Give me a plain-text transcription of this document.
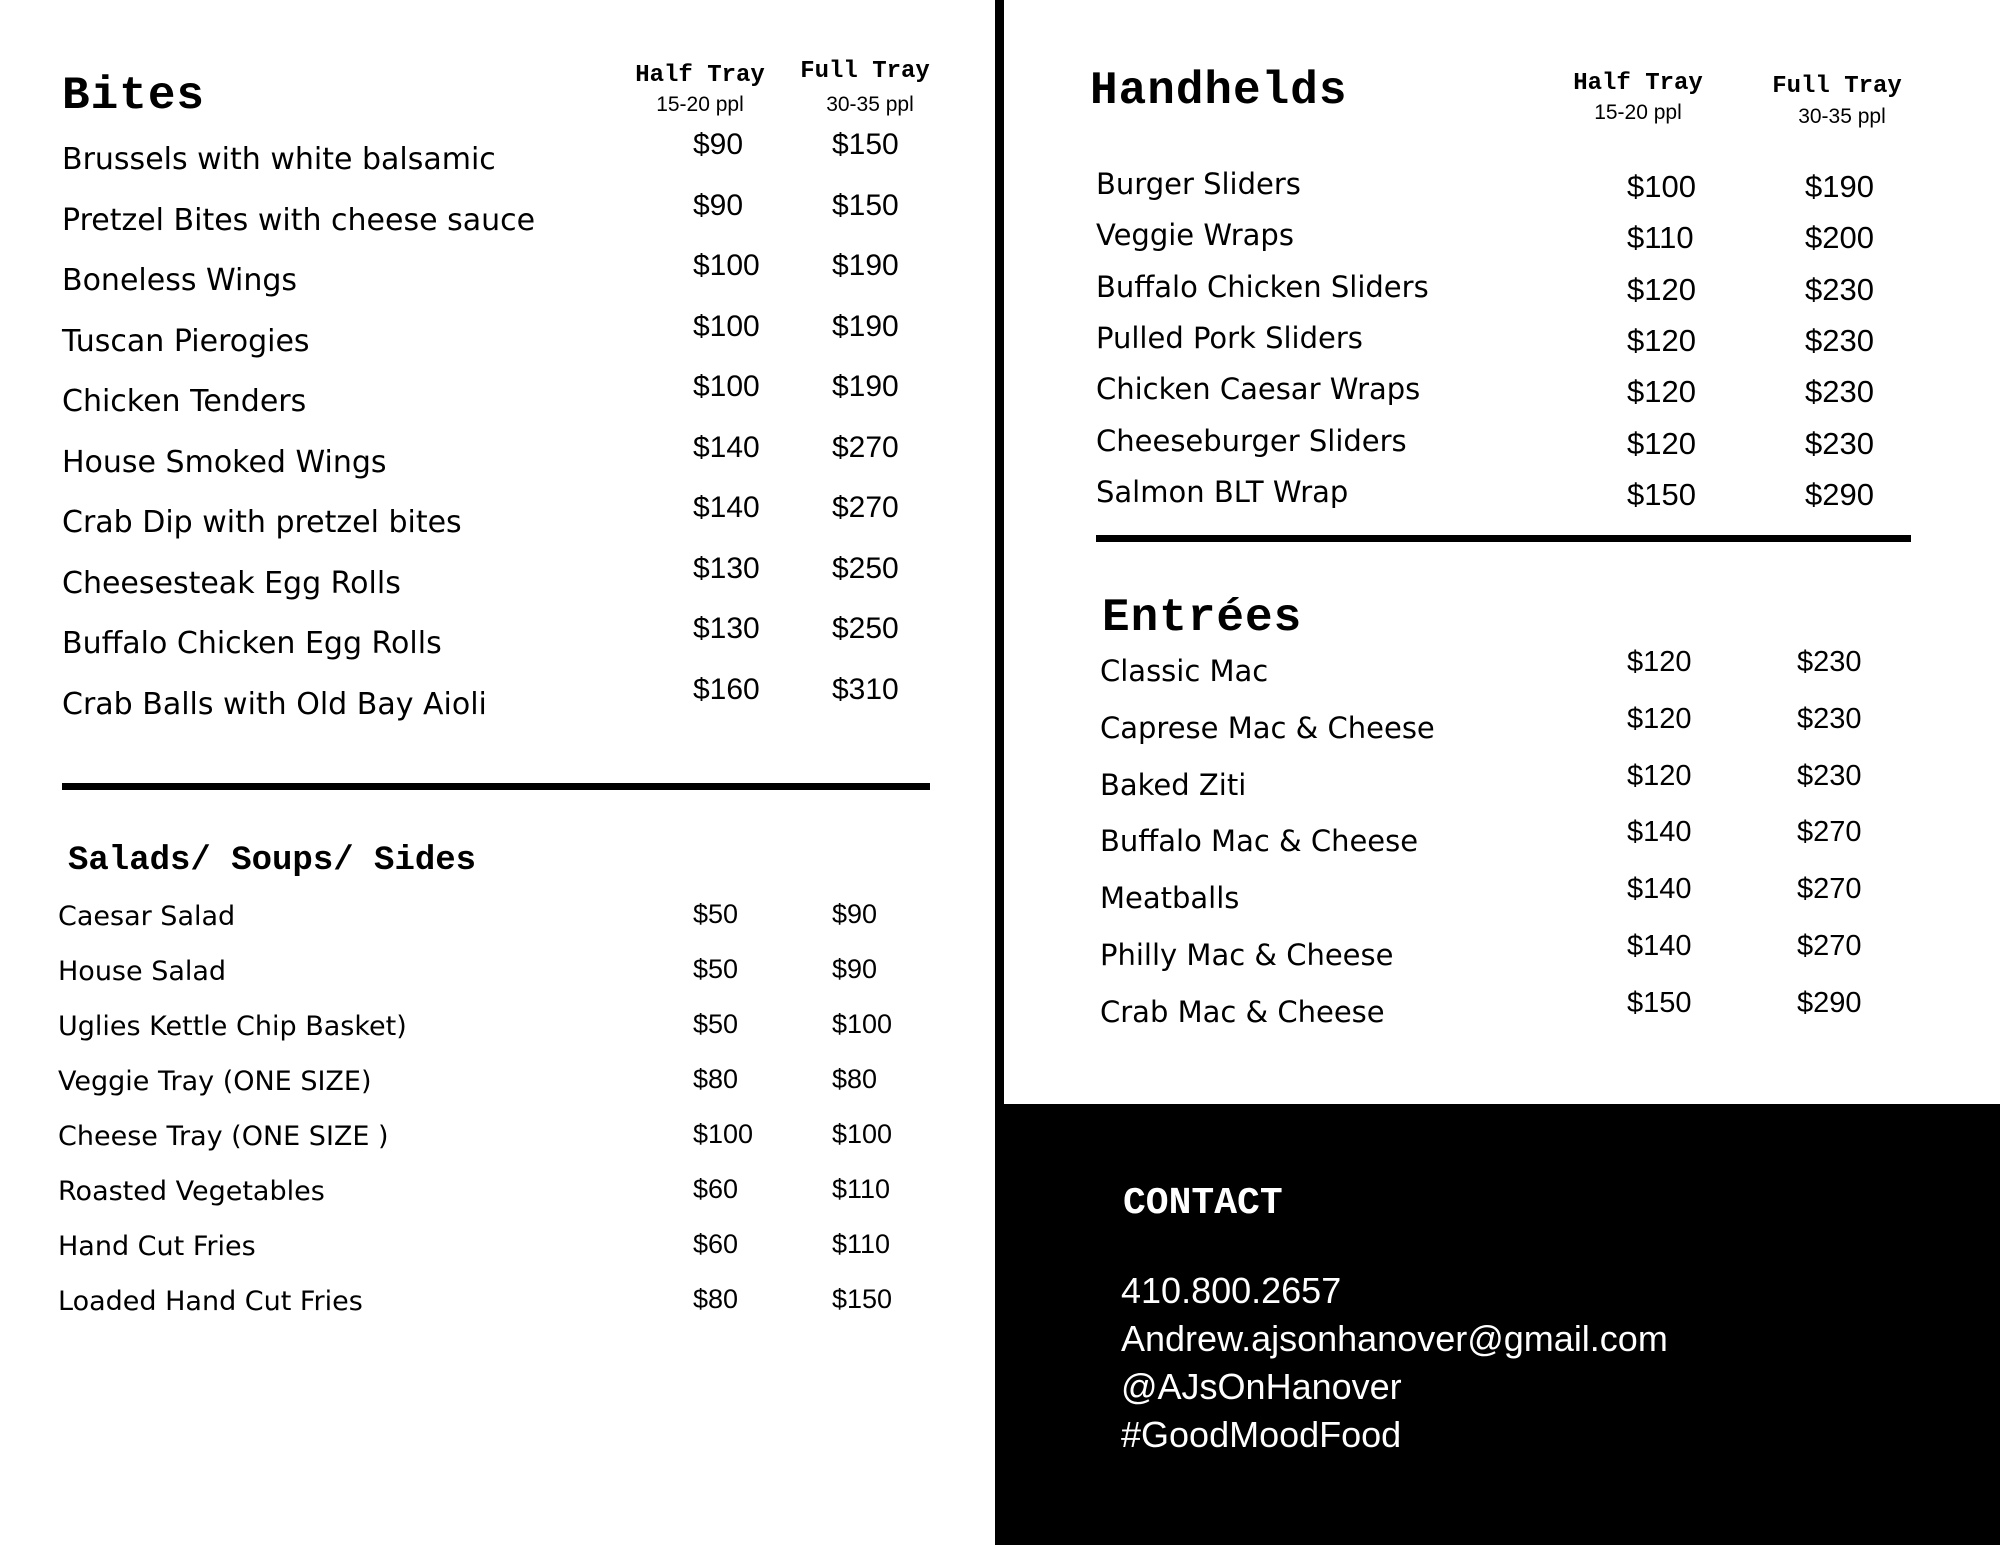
CONTACT
410.800.2657
Andrew.ajsonhanover@gmail.com
@AJsOnHanover
#GoodMoodFood
Bites	Half Tray
15-20 ppl
Full Tray
30-35 ppl
Brussels with white balsamic	$90	$150
Pretzel Bites with cheese sauce	$90	$150
Boneless Wings	$100 $190
Tuscan Pierogies	$100 $190
Chicken Tenders	$100 $190
House Smoked Wings	$140 $270
Crab Dip with pretzel bites	$140 $270
Cheesesteak Egg Rolls	$130 $250
Buffalo Chicken Egg Rolls	$130 $250
Crab Balls with Old Bay Aioli	$160 $310
Salads/ Soups/ Sides
Caesar Salad	$50	$90
House Salad	$50	$90
Uglies Kettle Chip Basket)	$50	$100
Veggie Tray (ONE SIZE)	$80	$80
Cheese Tray (ONE SIZE )	$100	$100
Roasted Vegetables	$60	$110
Hand Cut Fries	$60	$110
Loaded Hand Cut Fries	$80	$150
Handhelds	Half Tray
15-20 ppl
Full Tray
30-35 ppl
Burger Sliders	$100	$190
Veggie Wraps	$110	$200
Buffalo Chicken Sliders	$120	$230
Pulled Pork Sliders	$120	$230
Chicken Caesar Wraps	$120	$230
Cheeseburger Sliders	$120	$230
Salmon BLT Wrap	$150	$290
Entrées
Classic Mac	$120	$230
Caprese Mac & Cheese	$120	$230
Baked Ziti	$120	$230
Buffalo Mac & Cheese	$140	$270
Meatballs	$140	$270
Philly Mac & Cheese	$140	$270
Crab Mac & Cheese	$150	$290
